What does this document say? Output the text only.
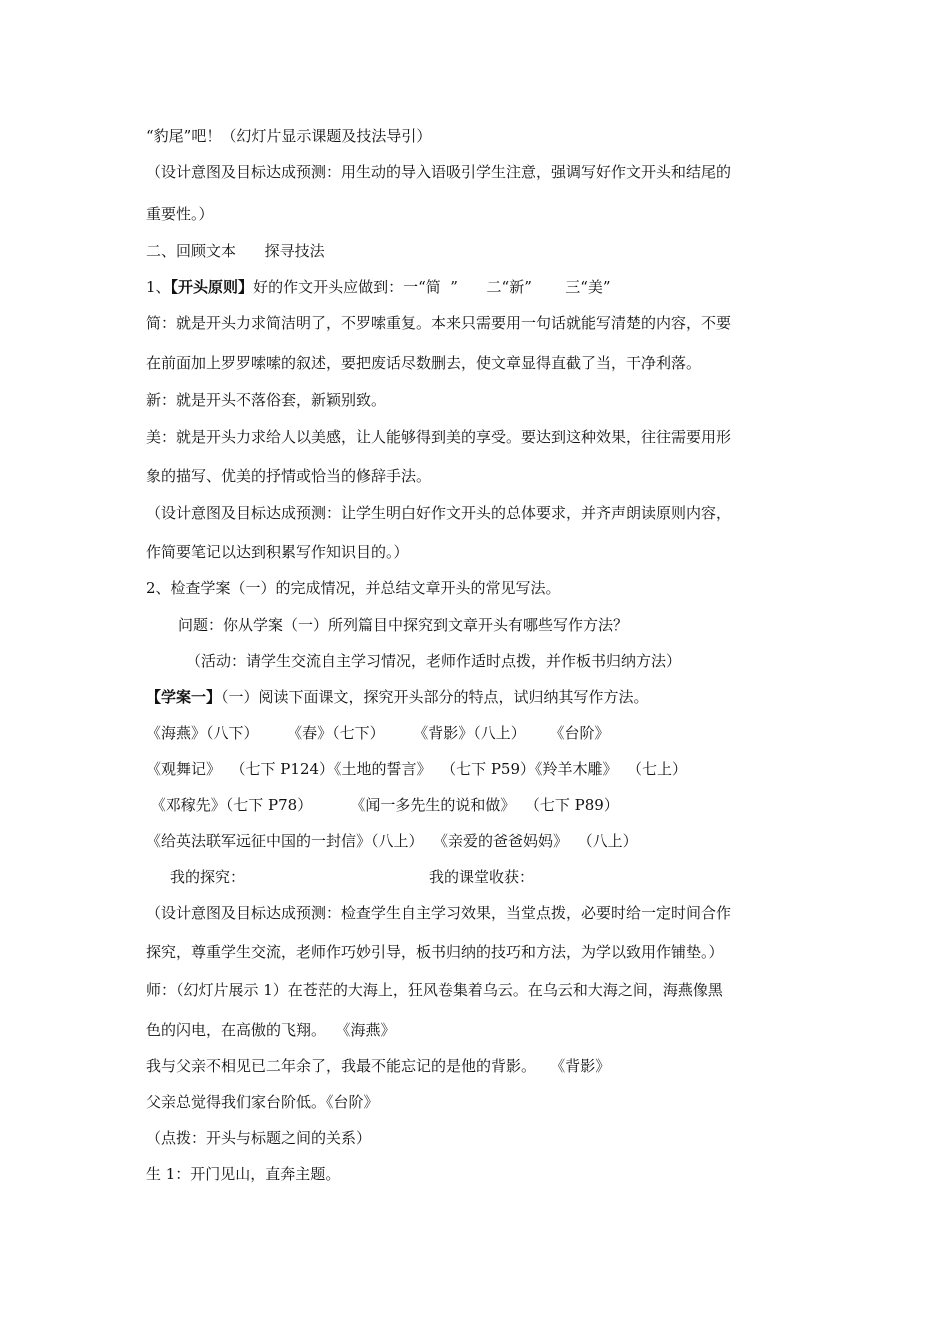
“豹尾”吧！（幻灯片显示课题及技法导引）
（设计意图及目标达成预测：用生动的导入语吸引学生注意，强调写好作文开头和结尾的
重要性。）
二、回顾文本      探寻技法
1、【开头原则】好的作文开头应做到：一“简  ”      二“新”       三“美”
简：就是开头力求简洁明了，不罗嗦重复。本来只需要用一句话就能写清楚的内容，不要
在前面加上罗罗嗦嗦的叙述，要把废话尽数删去，使文章显得直截了当，干净利落。
新：就是开头不落俗套，新颖别致。
美：就是开头力求给人以美感，让人能够得到美的享受。要达到这种效果，往往需要用形
象的描写、优美的抒情或恰当的修辞手法。
（设计意图及目标达成预测：让学生明白好作文开头的总体要求，并齐声朗读原则内容，
作简要笔记以达到积累写作知识目的。）
2、检查学案（一）的完成情况，并总结文章开头的常见写法。
问题：你从学案（一）所列篇目中探究到文章开头有哪些写作方法？
（活动：请学生交流自主学习情况，老师作适时点拨，并作板书归纳方法）
【学案一】（一）阅读下面课文，探究开头部分的特点，试归纳其写作方法。
《海燕》（八下）      《春》（七下）      《背影》（八上）     《台阶》
《观舞记》  （七下 P124）《土地的誓言》  （七下 P59）《羚羊木雕》  （七上）
《邓稼先》（七下 P78）        《闻一多先生的说和做》  （七下 P89）
《给英法联军远征中国的一封信》（八上）  《亲爱的爸爸妈妈》  （八上）
我的探究：	我的课堂收获：
（设计意图及目标达成预测：检查学生自主学习效果，当堂点拨，必要时给一定时间合作
探究，尊重学生交流，老师作巧妙引导，板书归纳的技巧和方法，为学以致用作铺垫。）
师：（幻灯片展示 1）在苍茫的大海上，狂风卷集着乌云。在乌云和大海之间，海燕像黑
色的闪电，在高傲的飞翔。  《海燕》
我与父亲不相见已二年余了，我最不能忘记的是他的背影。   《背影》
父亲总觉得我们家台阶低。《台阶》
（点拨：开头与标题之间的关系）
生 1：开门见山，直奔主题。
